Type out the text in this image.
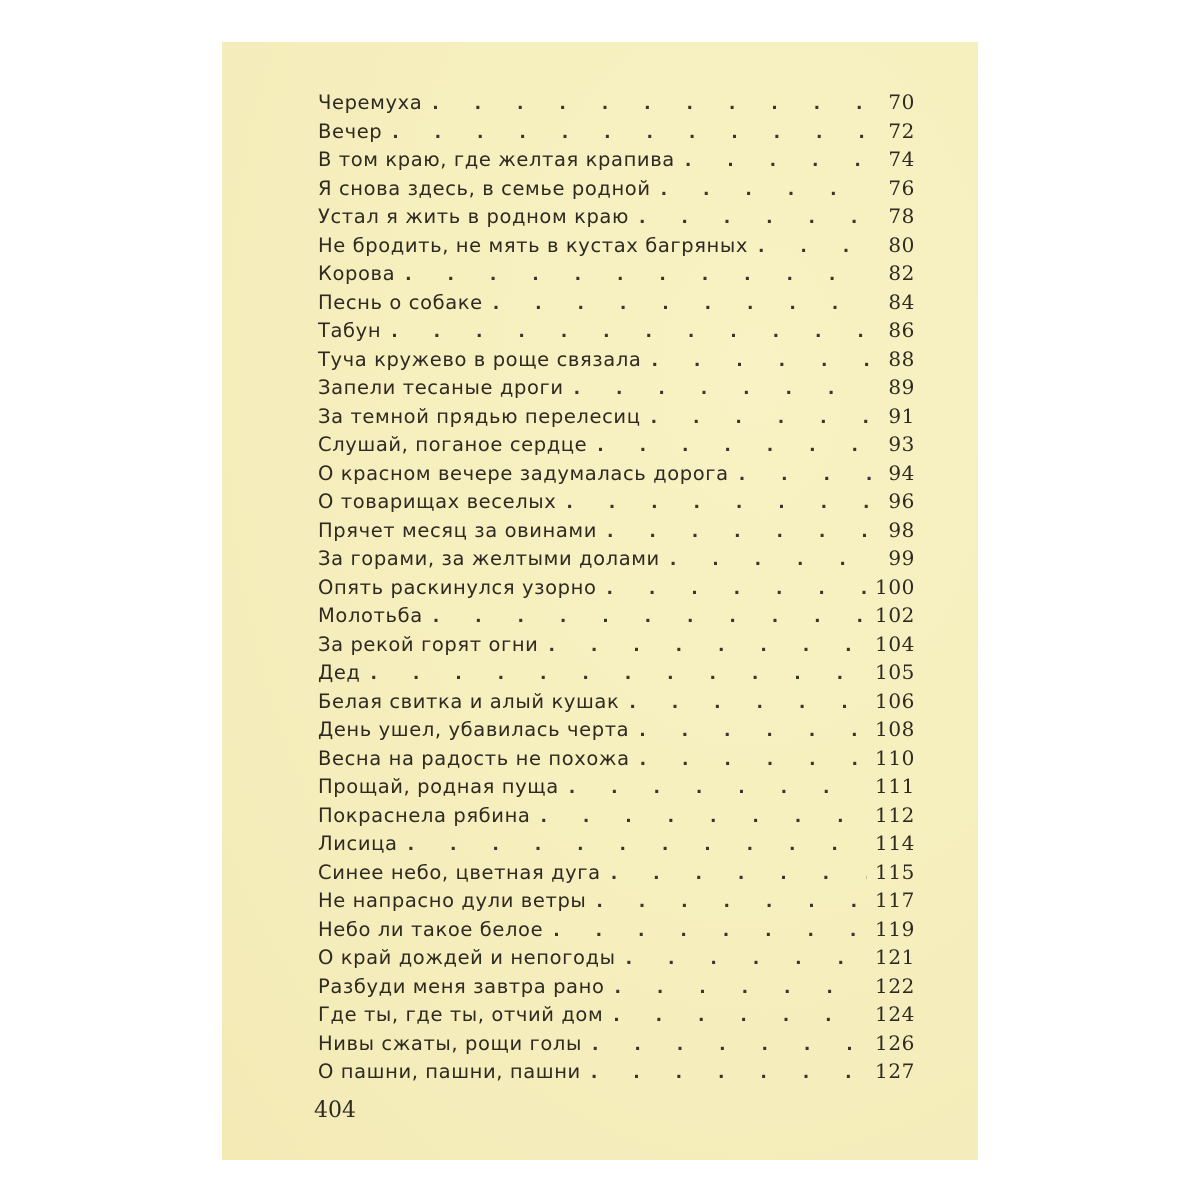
Черемуха . . .	70
Вечер . . .	72
В том краю, где желтая крапива . . .	74
Я снова здесь, в семье родной . . .	76
Устал я жить в родном краю . . .	78
Не бродить, не мять в кустах багряных . . .	80
Корова . . .	82
Песнь о собаке . . .	84
Табун . . .	86
Туча кружево в роще связала . . .	88
Запели тесаные дроги . . .	89
За темной прядью перелесиц . . .	91
Слушай, поганое сердце . . .	93
О красном вечере задумалась дорога . . .	94
О товарищах веселых . . .	96
Прячет месяц за овинами . . .	98
За горами, за желтыми долами . . .	99
Опять раскинулся узорно . . .	100
Молотьба . . .	102
За рекой горят огни . . .	104
Дед . . .	105
Белая свитка и алый кушак . . .	106
День ушел, убавилась черта . . .	108
Весна на радость не похожа . . .	110
Прощай, родная пуща . . .	111
Покраснела рябина . . .	112
Лисица . . .	114
Синее небо, цветная дуга . . .	115
Не напрасно дули ветры . . .	117
Небо ли такое белое . . .	119
О край дождей и непогоды . . .	121
Разбуди меня завтра рано . . .	122
Где ты, где ты, отчий дом . . .	124
Нивы сжаты, рощи голы . . .	126
О пашни, пашни, пашни . . .	127
404
